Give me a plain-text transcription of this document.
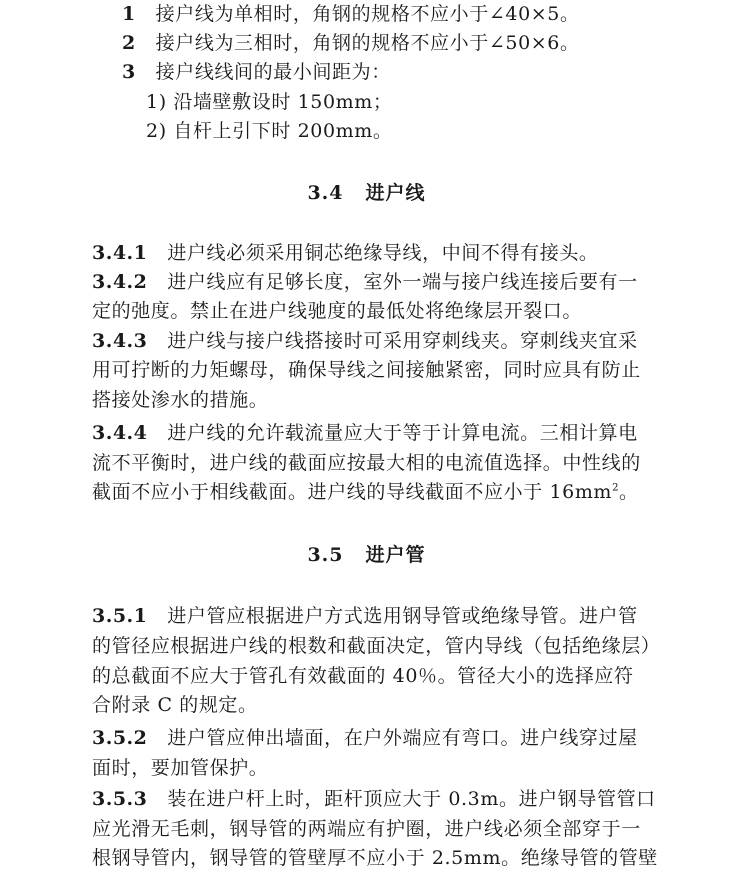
1 接户线为单相时，角钢的规格不应小于∠40×5。
2 接户线为三相时，角钢的规格不应小于∠50×6。
3 接户线线间的最小间距为：
1) 沿墙壁敷设时 150mm；
2) 自杆上引下时 200mm。
3.4 进户线
3.4.1 进户线必须采用铜芯绝缘导线，中间不得有接头。
3.4.2 进户线应有足够长度，室外一端与接户线连接后要有一
定的弛度。禁止在进户线驰度的最低处将绝缘层开裂口。
3.4.3 进户线与接户线搭接时可采用穿刺线夹。穿刺线夹宜采
用可拧断的力矩螺母，确保导线之间接触紧密，同时应具有防止
搭接处渗水的措施。
3.4.4 进户线的允许载流量应大于等于计算电流。三相计算电
流不平衡时，进户线的截面应按最大相的电流值选择。中性线的
截面不应小于相线截面。进户线的导线截面不应小于 $16mm^2$。
3.5 进户管
3.5.1 进户管应根据进户方式选用钢导管或绝缘导管。进户管
的管径应根据进户线的根数和截面决定，管内导线（包括绝缘层）
的总截面不应大于管孔有效截面的 40％。管径大小的选择应符
合附录 C 的规定。
3.5.2 进户管应伸出墙面，在户外端应有弯口。进户线穿过屋
面时，要加管保护。
3.5.3 装在进户杆上时，距杆顶应大于 0.3m。进户钢导管管口
应光滑无毛刺，钢导管的两端应有护圈，进户线必须全部穿于一
根钢导管内，钢导管的管壁厚不应小于 2.5mm。绝缘导管的管壁
